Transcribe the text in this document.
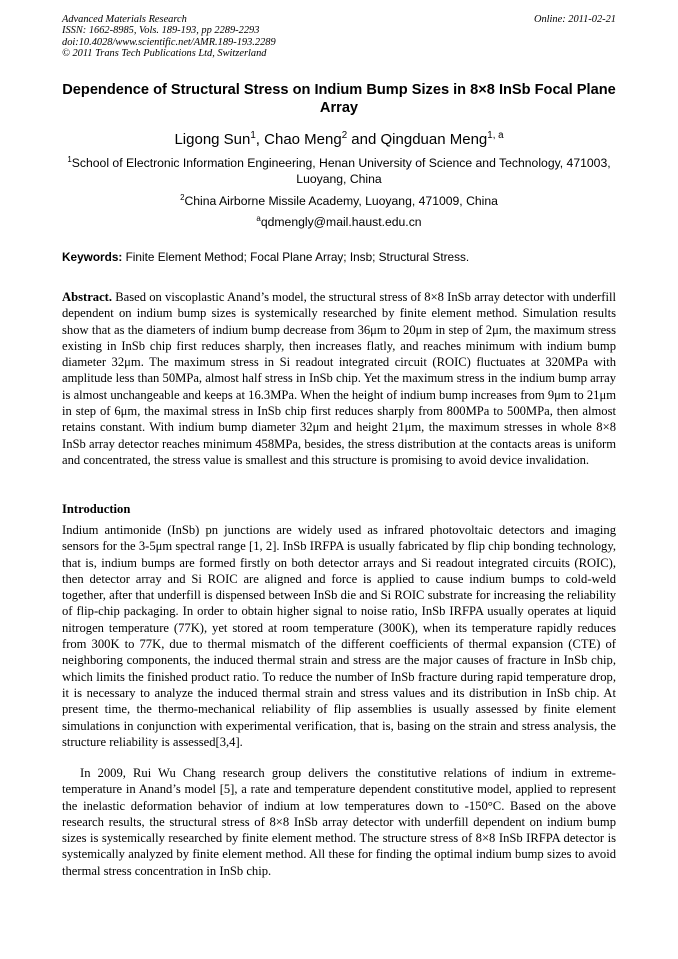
Advanced Materials Research
ISSN: 1662-8985, Vols. 189-193, pp 2289-2293
doi:10.4028/www.scientific.net/AMR.189-193.2289
© 2011 Trans Tech Publications Ltd, Switzerland
Online: 2011-02-21
Dependence of Structural Stress on Indium Bump Sizes in 8×8 InSb Focal Plane Array
Ligong Sun$^1$, Chao Meng$^2$ and Qingduan Meng$^{1, a}$
$^1$School of Electronic Information Engineering, Henan University of Science and Technology, 471003, Luoyang, China
$^2$China Airborne Missile Academy, Luoyang, 471009, China
$^a$qdmengly@mail.haust.edu.cn
Keywords: Finite Element Method; Focal Plane Array; Insb; Structural Stress.
Abstract. Based on viscoplastic Anand’s model, the structural stress of 8×8 InSb array detector with underfill dependent on indium bump sizes is systemically researched by finite element method. Simulation results show that as the diameters of indium bump decrease from 36μm to 20μm in step of 2μm, the maximum stress existing in InSb chip first reduces sharply, then increases flatly, and reaches minimum with indium bump diameter 32μm. The maximum stress in Si readout integrated circuit (ROIC) fluctuates at 320MPa with amplitude less than 50MPa, almost half stress in InSb chip. Yet the maximum stress in the indium bump array is almost unchangeable and keeps at 16.3MPa. When the height of indium bump increases from 9μm to 21μm in step of 6μm, the maximal stress in InSb chip first reduces sharply from 800MPa to 500MPa, then almost retains constant. With indium bump diameter 32μm and height 21μm, the maximum stresses in whole 8×8 InSb array detector reaches minimum 458MPa, besides, the stress distribution at the contacts areas is uniform and concentrated, the stress value is smallest and this structure is promising to avoid device invalidation.
Introduction
Indium antimonide (InSb) pn junctions are widely used as infrared photovoltaic detectors and imaging sensors for the 3-5μm spectral range [1, 2]. InSb IRFPA is usually fabricated by flip chip bonding technology, that is, indium bumps are formed firstly on both detector arrays and Si readout integrated circuits (ROIC), then detector array and Si ROIC are aligned and force is applied to cause indium bumps to cold-weld together, after that underfill is dispensed between InSb die and Si ROIC substrate for increasing the reliability of flip-chip packaging. In order to obtain higher signal to noise ratio, InSb IRFPA usually operates at liquid nitrogen temperature (77K), yet stored at room temperature (300K), when its temperature rapidly reduces from 300K to 77K, due to thermal mismatch of the different coefficients of thermal expansion (CTE) of neighboring components, the induced thermal strain and stress are the major causes of fracture in InSb chip, which limits the finished product ratio. To reduce the number of InSb fracture during rapid temperature drop, it is necessary to analyze the induced thermal strain and stress values and its distribution in InSb chip. At present time, the thermo-mechanical reliability of flip assemblies is usually assessed by finite element simulations in conjunction with experimental verification, that is, basing on the strain and stress analysis, the structure reliability is assessed[3,4].
In 2009, Rui Wu Chang research group delivers the constitutive relations of indium in extreme-temperature in Anand’s model [5], a rate and temperature dependent constitutive model, applied to represent the inelastic deformation behavior of indium at low temperatures down to -150°C. Based on the above research results, the structural stress of 8×8 InSb array detector with underfill dependent on indium bump sizes is systemically researched by finite element method. The structure stress of 8×8 InSb IRFPA detector is systemically analyzed by finite element method. All these for finding the optimal indium bump sizes to avoid thermal stress concentration in InSb chip.
